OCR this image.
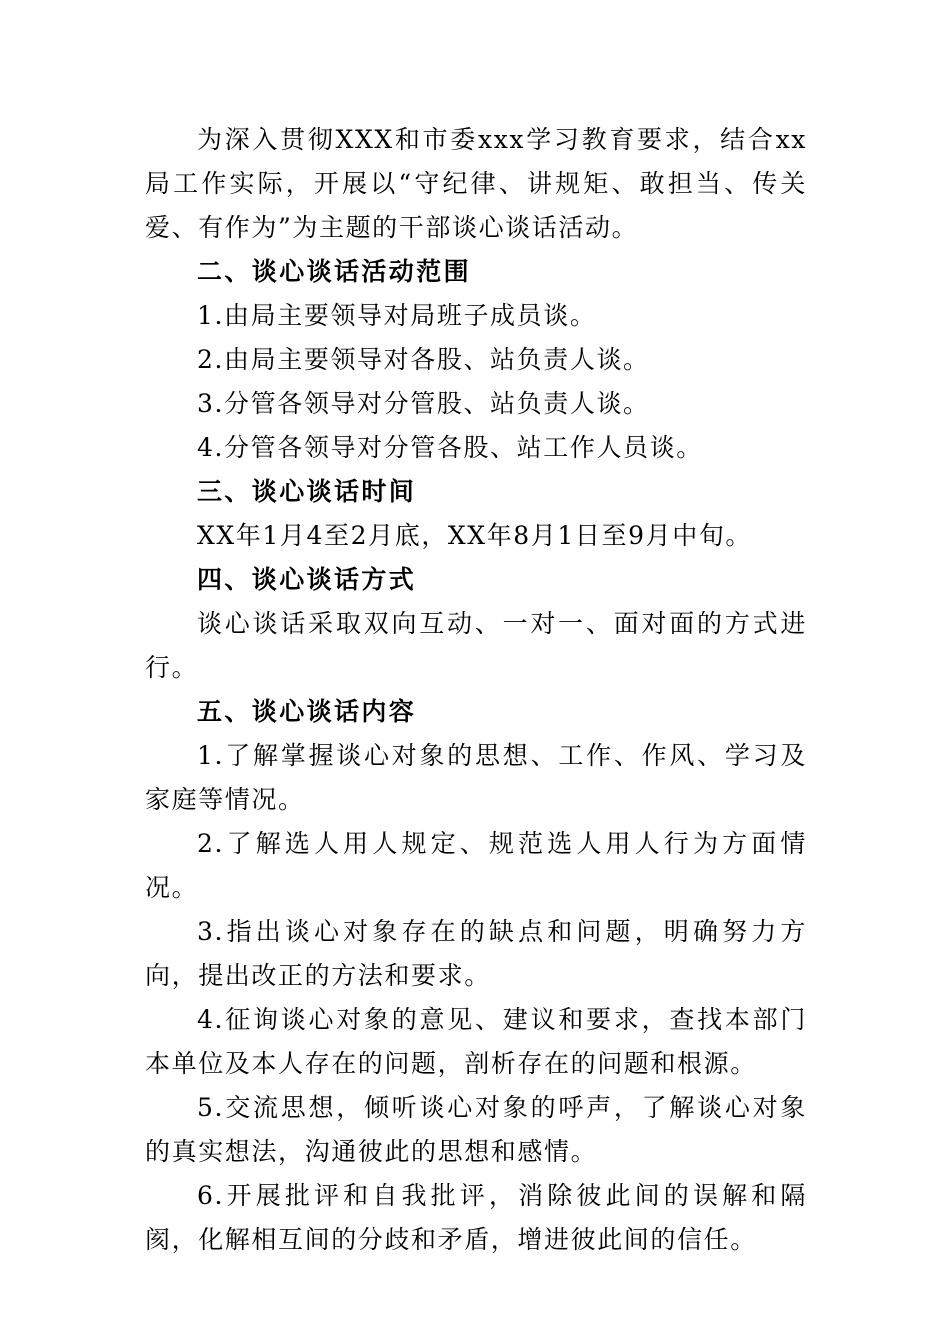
为深入贯彻XXX和市委xxx学习教育要求，结合xx局工作实际，开展以“守纪律、讲规矩、敢担当、传关爱、有作为”为主题的干部谈心谈话活动。

二、谈心谈话活动范围

1.由局主要领导对局班子成员谈。

2.由局主要领导对各股、站负责人谈。

3.分管各领导对分管股、站负责人谈。

4.分管各领导对分管各股、站工作人员谈。

三、谈心谈话时间

XX年1月4至2月底，XX年8月1日至9月中旬。

四、谈心谈话方式

谈心谈话采取双向互动、一对一、面对面的方式进行。

五、谈心谈话内容

1.了解掌握谈心对象的思想、工作、作风、学习及家庭等情况。

2.了解选人用人规定、规范选人用人行为方面情况。

3.指出谈心对象存在的缺点和问题，明确努力方向，提出改正的方法和要求。

4.征询谈心对象的意见、建议和要求，查找本部门本单位及本人存在的问题，剖析存在的问题和根源。

5.交流思想，倾听谈心对象的呼声，了解谈心对象的真实想法，沟通彼此的思想和感情。

6.开展批评和自我批评，消除彼此间的误解和隔阂，化解相互间的分歧和矛盾，增进彼此间的信任。
